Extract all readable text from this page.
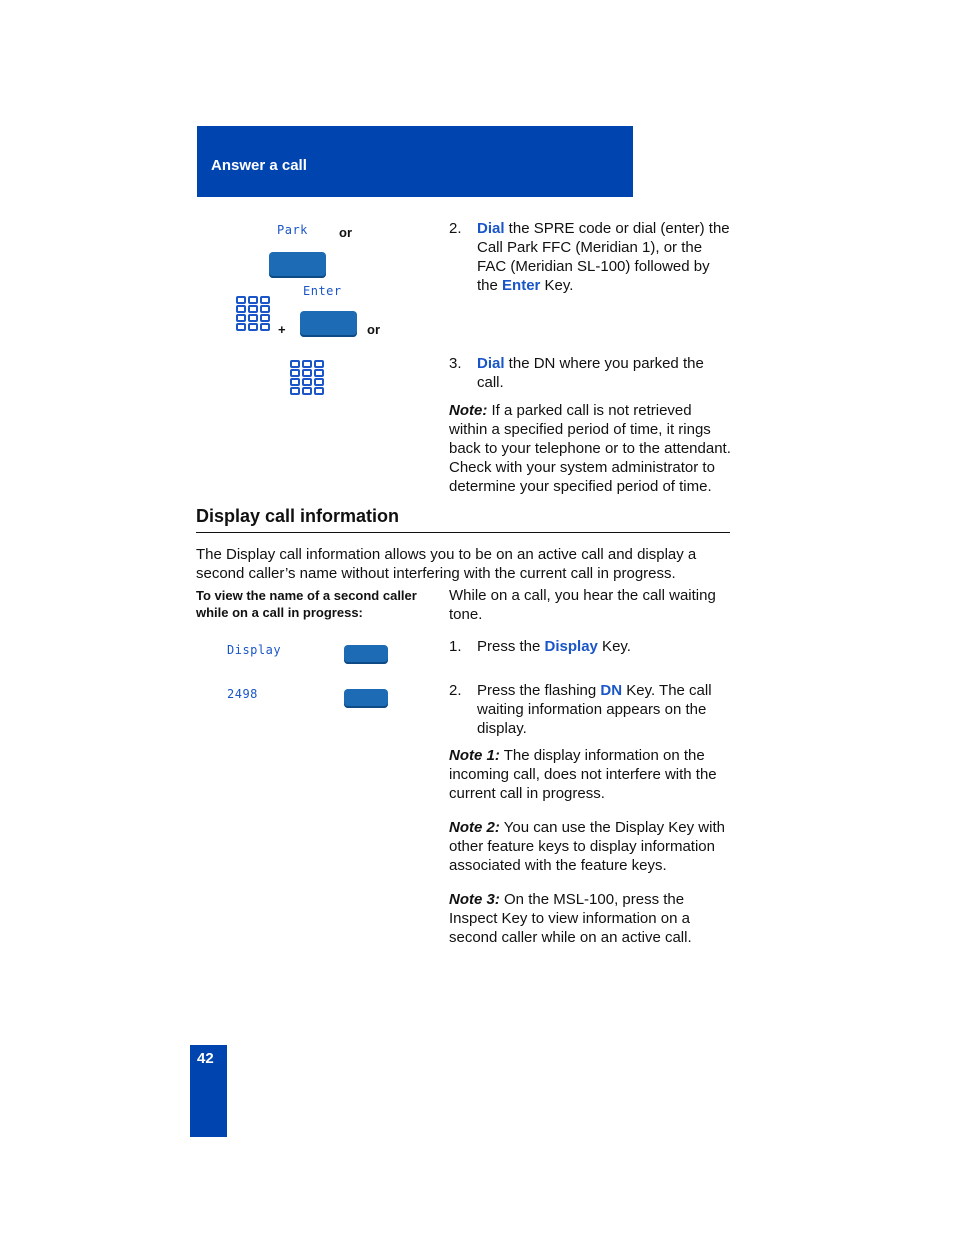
Answer a call
Park or
Enter
+	or
2. Dial the SPRE code or dial (enter) the Call Park FFC (Meridian 1), or the FAC (Meridian SL-100) followed by the Enter Key.
3. Dial the DN where you parked the call.
Note: If a parked call is not retrieved within a specified period of time, it rings back to your telephone or to the attendant. Check with your system administrator to determine your specified period of time.
Display call information
The Display call information allows you to be on an active call and display a second caller’s name without interfering with the current call in progress.
To view the name of a second caller while on a call in progress:
While on a call, you hear the call waiting tone.
Display
2498
1. Press the Display Key.
2. Press the flashing DN Key. The call waiting information appears on the display.
Note 1: The display information on the incoming call, does not interfere with the current call in progress.
Note 2: You can use the Display Key with other feature keys to display information associated with the feature keys.
Note 3: On the MSL-100, press the Inspect Key to view information on a second caller while on an active call.
42
